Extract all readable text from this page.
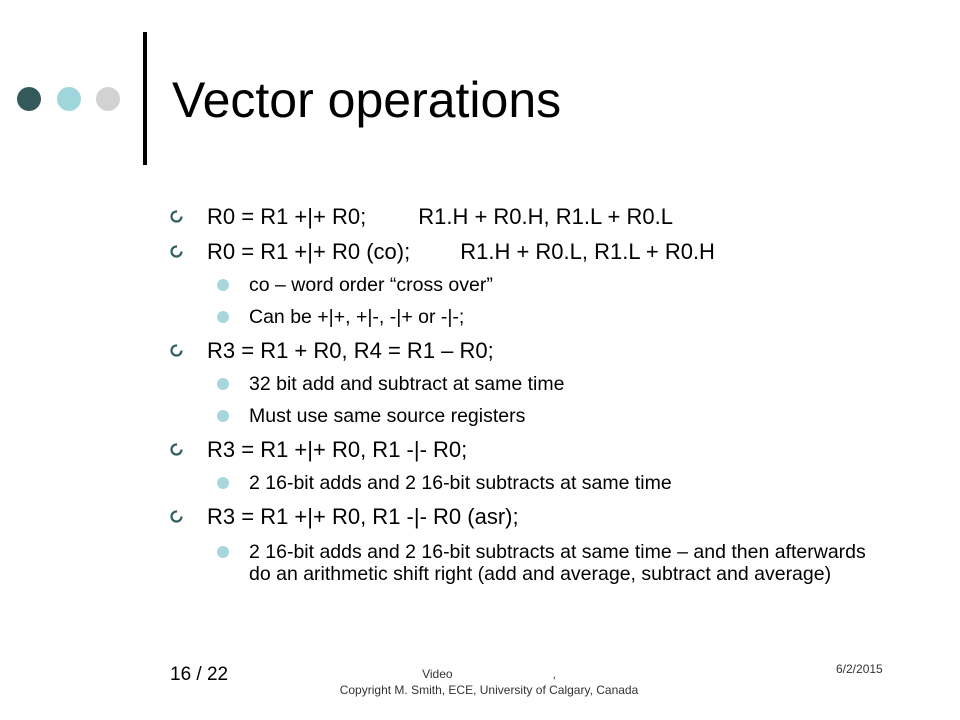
Vector operations
R0 = R1 +|+ R0; R1.H + R0.H, R1.L + R0.L
R0 = R1 +|+ R0 (co); R1.H + R0.L, R1.L + R0.H
co – word order “cross over”
Can be +|+, +|-, -|+ or -|-;
R3 = R1 + R0, R4 = R1 – R0;
32 bit add and subtract at same time
Must use same source registers
R3 = R1 +|+ R0, R1 -|- R0;
2 16-bit adds and 2 16-bit subtracts at same time
R3 = R1 +|+ R0, R1 -|- R0 (asr);
2 16-bit adds and 2 16-bit subtracts at same time – and then afterwards do an arithmetic shift right (add and average, subtract and average)
16 / 22	Video	,
Copyright M. Smith, ECE, University of Calgary, Canada
6/2/2015
